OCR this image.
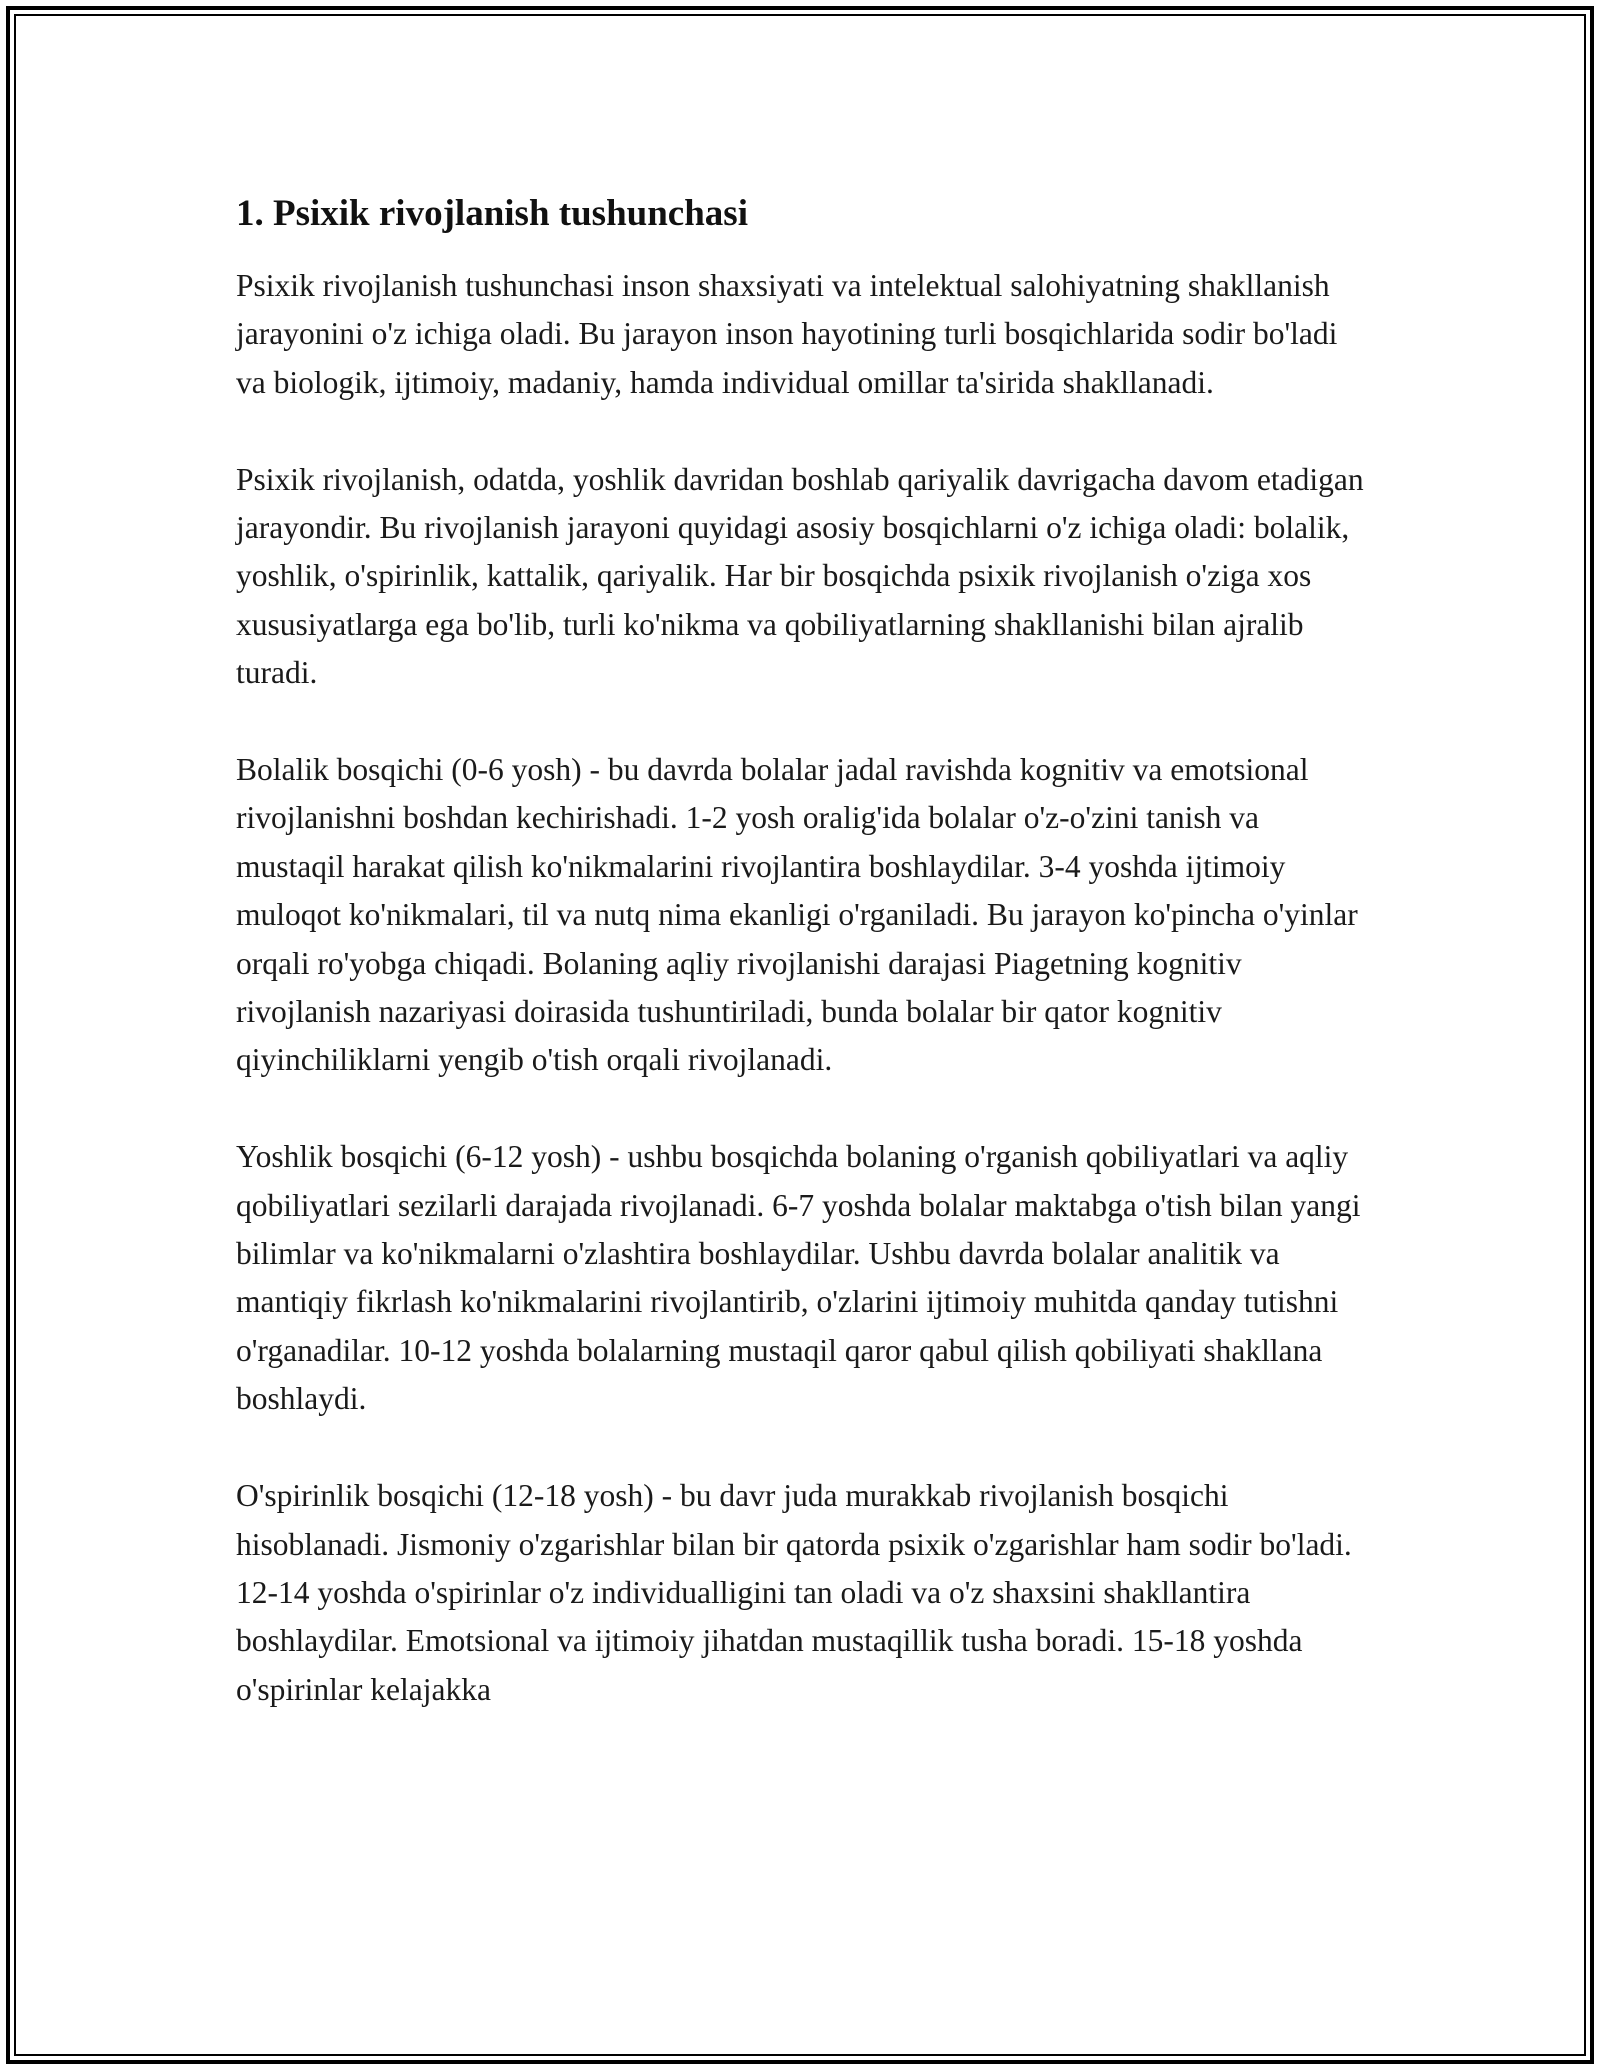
1. Psixik rivojlanish tushunchasi

Psixik rivojlanish tushunchasi inson shaxsiyati va intelektual salohiyatning shakllanish jarayonini o'z ichiga oladi. Bu jarayon inson hayotining turli bosqichlarida sodir bo'ladi va biologik, ijtimoiy, madaniy, hamda individual omillar ta'sirida shakllanadi.

Psixik rivojlanish, odatda, yoshlik davridan boshlab qariyalik davrigacha davom etadigan jarayondir. Bu rivojlanish jarayoni quyidagi asosiy bosqichlarni o'z ichiga oladi: bolalik, yoshlik, o'spirinlik, kattalik, qariyalik. Har bir bosqichda psixik rivojlanish o'ziga xos xususiyatlarga ega bo'lib, turli ko'nikma va qobiliyatlarning shakllanishi bilan ajralib turadi.

Bolalik bosqichi (0-6 yosh) - bu davrda bolalar jadal ravishda kognitiv va emotsional rivojlanishni boshdan kechirishadi. 1-2 yosh oralig'ida bolalar o'z-o'zini tanish va mustaqil harakat qilish ko'nikmalarini rivojlantira boshlaydilar. 3-4 yoshda ijtimoiy muloqot ko'nikmalari, til va nutq nima ekanligi o'rganiladi. Bu jarayon ko'pincha o'yinlar orqali ro'yobga chiqadi. Bolaning aqliy rivojlanishi darajasi Piagetning kognitiv rivojlanish nazariyasi doirasida tushuntiriladi, bunda bolalar bir qator kognitiv qiyinchiliklarni yengib o'tish orqali rivojlanadi.

Yoshlik bosqichi (6-12 yosh) - ushbu bosqichda bolaning o'rganish qobiliyatlari va aqliy qobiliyatlari sezilarli darajada rivojlanadi. 6-7 yoshda bolalar maktabga o'tish bilan yangi bilimlar va ko'nikmalarni o'zlashtira boshlaydilar. Ushbu davrda bolalar analitik va mantiqiy fikrlash ko'nikmalarini rivojlantirib, o'zlarini ijtimoiy muhitda qanday tutishni o'rganadilar. 10-12 yoshda bolalarning mustaqil qaror qabul qilish qobiliyati shakllana boshlaydi.

O'spirinlik bosqichi (12-18 yosh) - bu davr juda murakkab rivojlanish bosqichi hisoblanadi. Jismoniy o'zgarishlar bilan bir qatorda psixik o'zgarishlar ham sodir bo'ladi. 12-14 yoshda o'spirinlar o'z individualligini tan oladi va o'z shaxsini shakllantira boshlaydilar. Emotsional va ijtimoiy jihatdan mustaqillik tusha boradi. 15-18 yoshda o'spirinlar kelajakka
